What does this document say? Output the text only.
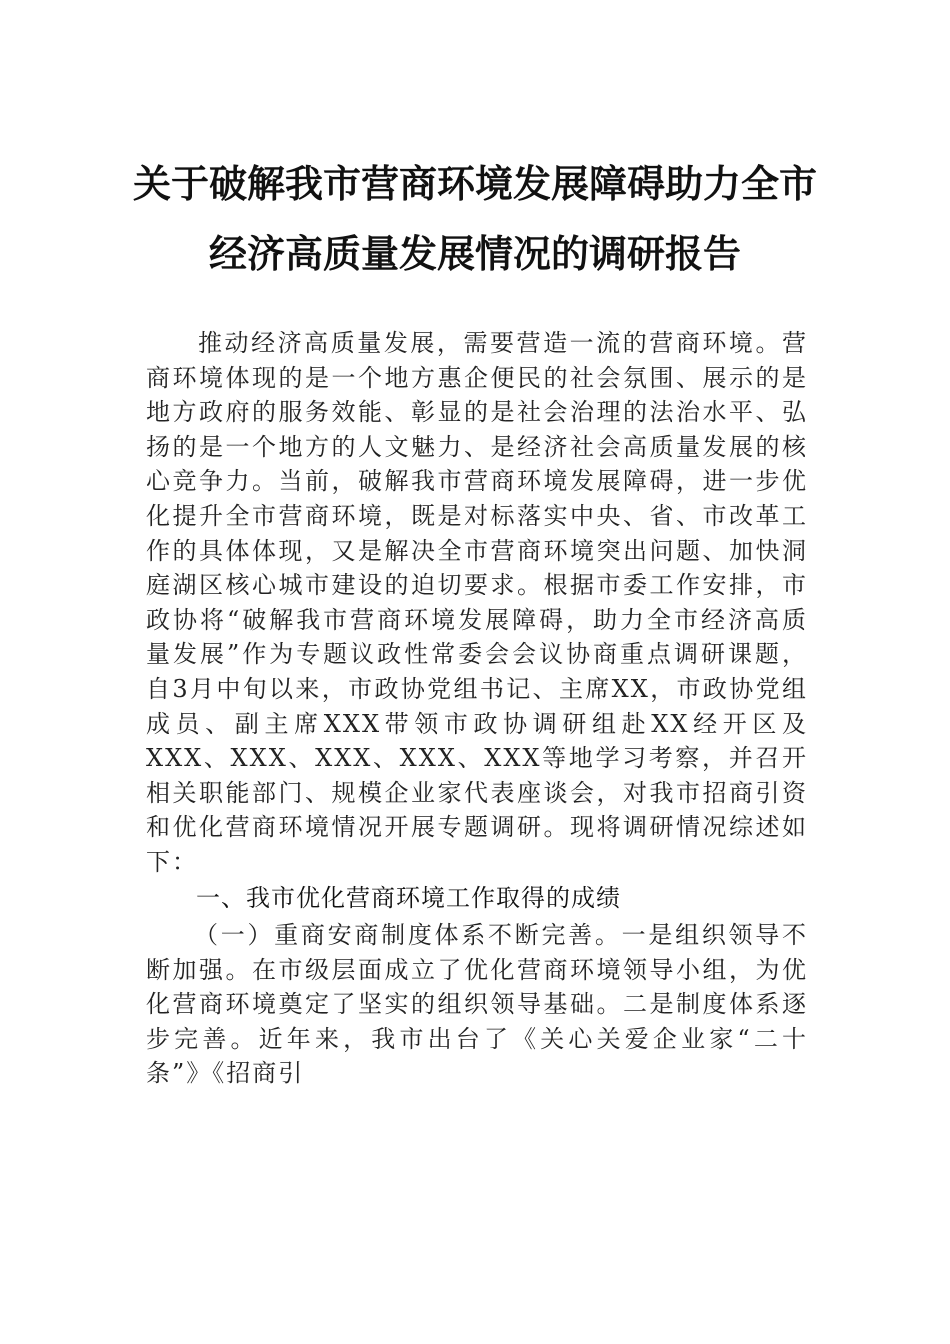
关于破解我市营商环境发展障碍助力全市
经济高质量发展情况的调研报告
推动经济高质量发展，需要营造一流的营商环境。营商环境体现的是一个地方惠企便民的社会氛围、展示的是地方政府的服务效能、彰显的是社会治理的法治水平、弘扬的是一个地方的人文魅力、是经济社会高质量发展的核心竞争力。当前，破解我市营商环境发展障碍，进一步优化提升全市营商环境，既是对标落实中央、省、市改革工作的具体体现，又是解决全市营商环境突出问题、加快洞庭湖区核心城市建设的迫切要求。根据市委工作安排，市政协将“破解我市营商环境发展障碍，助力全市经济高质量发展”作为专题议政性常委会会议协商重点调研课题，自3月中旬以来，市政协党组书记、主席XX，市政协党组成员、副主席XXX带领市政协调研组赴XX经开区及XXX、XXX、XXX、XXX、XXX等地学习考察，并召开相关职能部门、规模企业家代表座谈会，对我市招商引资和优化营商环境情况开展专题调研。现将调研情况综述如下：
一、我市优化营商环境工作取得的成绩
（一）重商安商制度体系不断完善。一是组织领导不断加强。在市级层面成立了优化营商环境领导小组，为优化营商环境奠定了坚实的组织领导基础。二是制度体系逐步完善。近年来，我市出台了《关心关爱企业家“二十条”》《招商引
